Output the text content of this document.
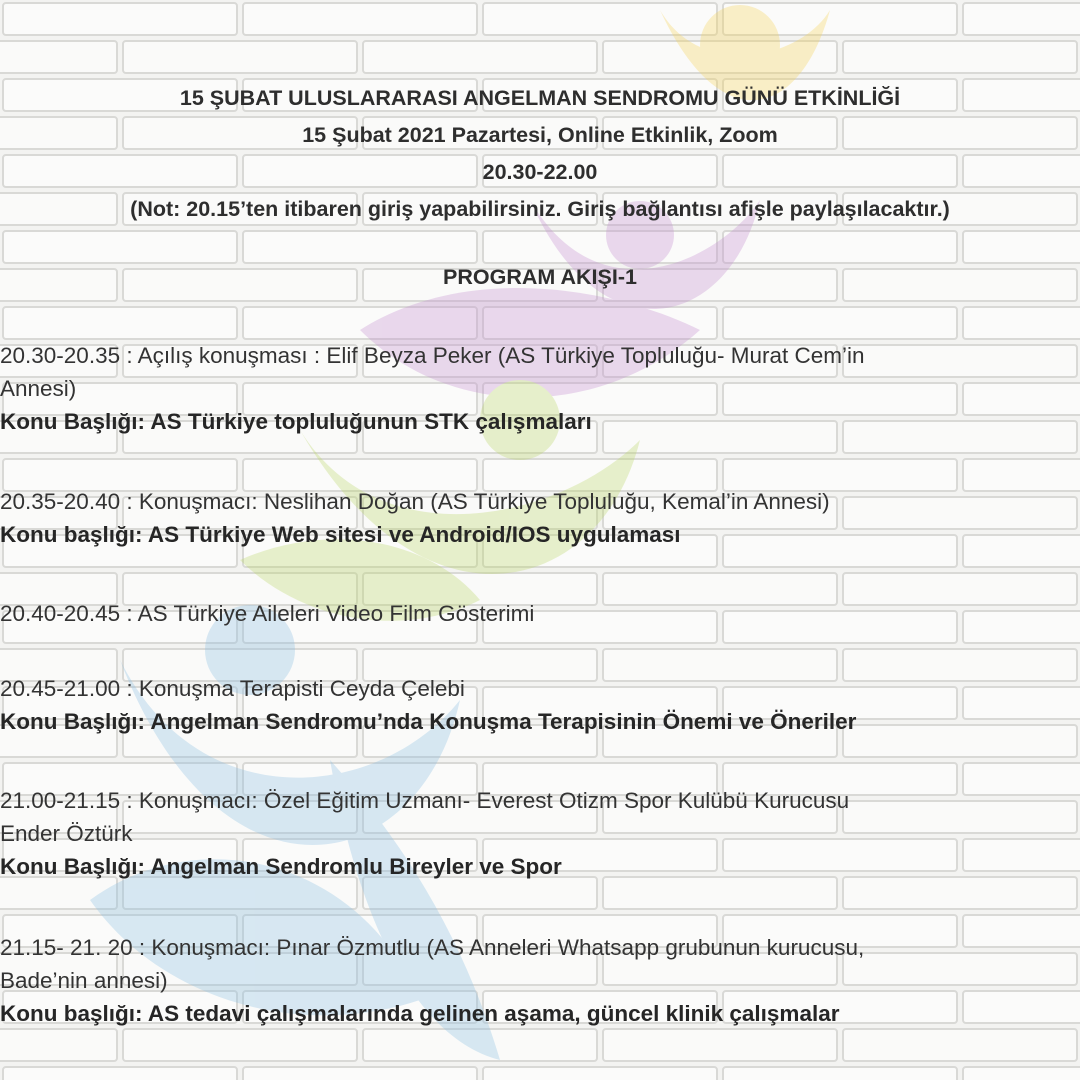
15 ŞUBAT ULUSLARARASI ANGELMAN SENDROMU GÜNÜ ETKİNLİĞİ
15 Şubat 2021 Pazartesi, Online Etkinlik, Zoom
20.30-22.00
(Not: 20.15’ten itibaren giriş yapabilirsiniz. Giriş bağlantısı afişle paylaşılacaktır.)
PROGRAM AKIŞI-1
20.30-20.35 : Açılış konuşması : Elif Beyza Peker (AS Türkiye Topluluğu- Murat Cem’in
Annesi)
Konu Başlığı: AS Türkiye topluluğunun STK çalışmaları
20.35-20.40 : Konuşmacı: Neslihan Doğan (AS Türkiye Topluluğu, Kemal’in Annesi)
Konu başlığı: AS Türkiye Web sitesi ve Android/IOS uygulaması
20.40-20.45 : AS Türkiye Aileleri Video Film Gösterimi
20.45-21.00 : Konuşma Terapisti Ceyda Çelebi
Konu Başlığı: Angelman Sendromu’nda Konuşma Terapisinin Önemi ve Öneriler
21.00-21.15 : Konuşmacı: Özel Eğitim Uzmanı- Everest Otizm Spor Kulübü Kurucusu
Ender Öztürk
Konu Başlığı: Angelman Sendromlu Bireyler ve Spor
21.15- 21. 20 : Konuşmacı: Pınar Özmutlu (AS Anneleri Whatsapp grubunun kurucusu,
Bade’nin annesi)
Konu başlığı: AS tedavi çalışmalarında gelinen aşama, güncel klinik çalışmalar
